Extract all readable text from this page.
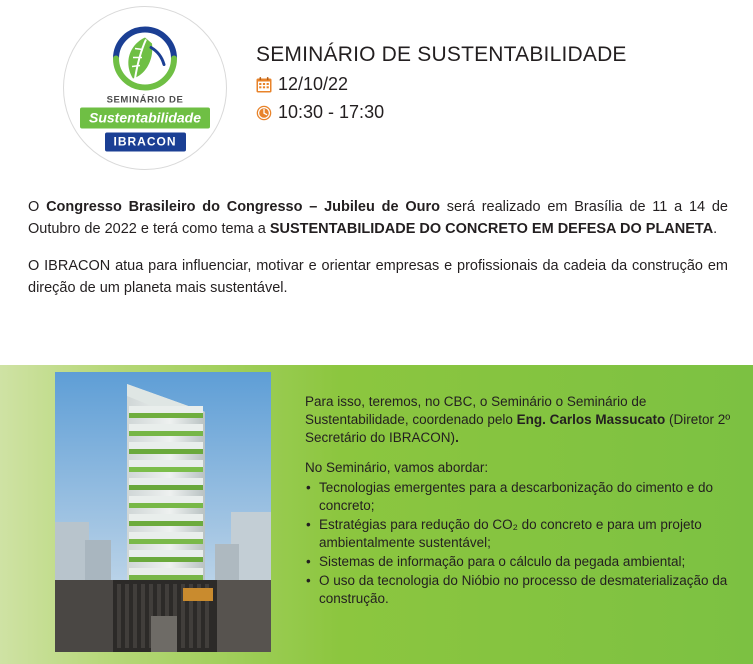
SEMINÁRIO DE
Sustentabilidade
IBRACON
SEMINÁRIO DE SUSTENTABILIDADE
12/10/22
10:30 - 17:30

O Congresso Brasileiro do Congresso – Jubileu de Ouro será realizado em Brasília de 11 a 14 de Outubro de 2022 e terá como tema a SUSTENTABILIDADE DO CONCRETO EM DEFESA DO PLANETA.

O IBRACON atua para influenciar, motivar e orientar empresas e profissionais da cadeia da construção em direção de um planeta mais sustentável.

Para isso, teremos, no CBC, o Seminário o Seminário de Sustentabilidade, coordenado pelo Eng. Carlos Massucato (Diretor 2º Secretário do IBRACON).

No Seminário, vamos abordar:
• Tecnologias emergentes para a descarbonização do cimento e do concreto;
• Estratégias para redução do CO₂ do concreto e para um projeto ambientalmente sustentável;
• Sistemas de informação para o cálculo da pegada ambiental;
• O uso da tecnologia do Nióbio no processo de desmaterialização da construção.
